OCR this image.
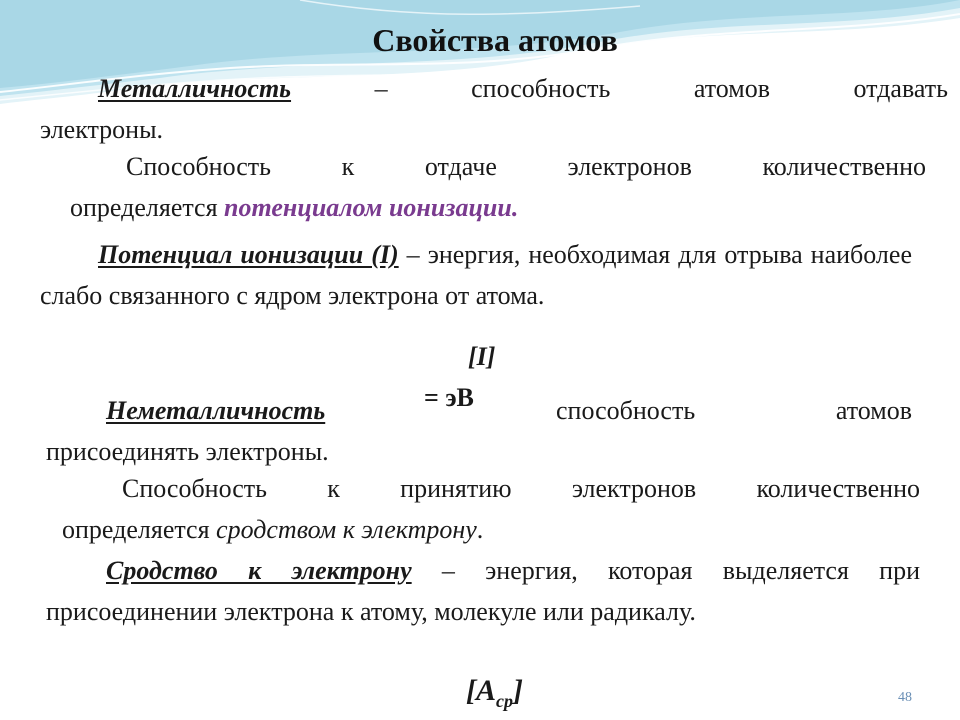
Свойства атомов
Металличность	–	способность	атомов	отдавать
электроны.
Способность	к	отдаче	электронов	количественно
определяется потенциалом ионизации.
Потенциал ионизации (I) – энергия, необходимая для отрыва наиболее слабо связанного с ядром электрона от атома.
[I]
= эВ
Неметалличность	способность	атомов
присоединять электроны.
Способность к принятию электронов количественно
определяется сродством к электрону.
Сродство к электрону – энергия, которая выделяется при присоединении электрона к атому, молекуле или радикалу.
$[A_{ср}]$	48
